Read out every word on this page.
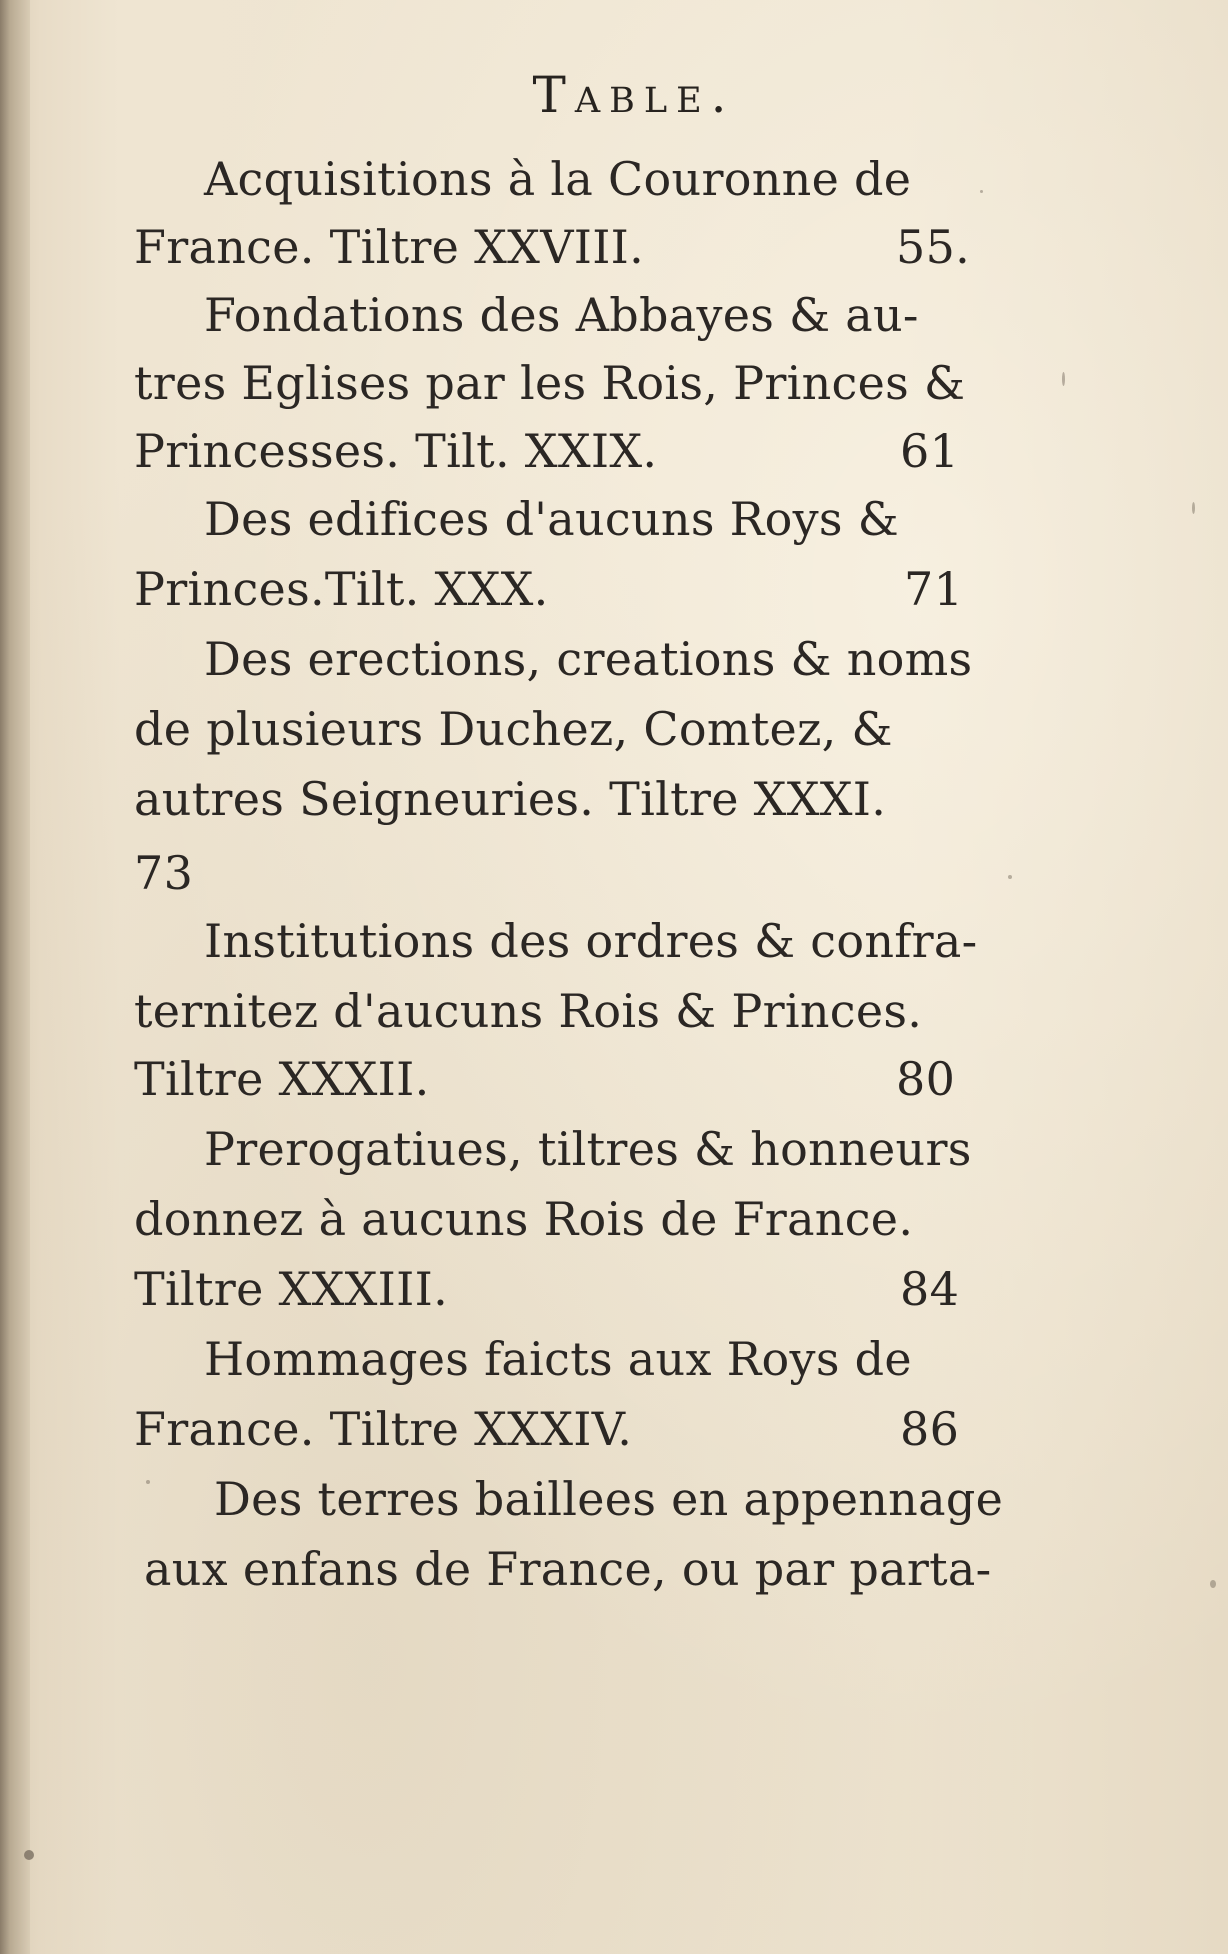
Table.
Acquisitions à la Couronne de
France. Tiltre XXVIII.	55.
Fondations des Abbayes & au-
tres Eglises par les Rois, Princes &
Princesses. Tilt. XXIX.	61
Des edifices d'aucuns Roys &
Princes.Tilt. XXX.	71
Des erections, creations & noms
de plusieurs Duchez, Comtez, &
autres Seigneuries. Tiltre XXXI.
73
Institutions des ordres & confra-
ternitez d'aucuns Rois & Princes.
Tiltre XXXII.	80
Prerogatiues, tiltres & honneurs
donnez à aucuns Rois de France.
Tiltre XXXIII.	84
Hommages faicts aux Roys de
France. Tiltre XXXIV.	86
Des terres baillees en appennage
aux enfans de France, ou par parta-
